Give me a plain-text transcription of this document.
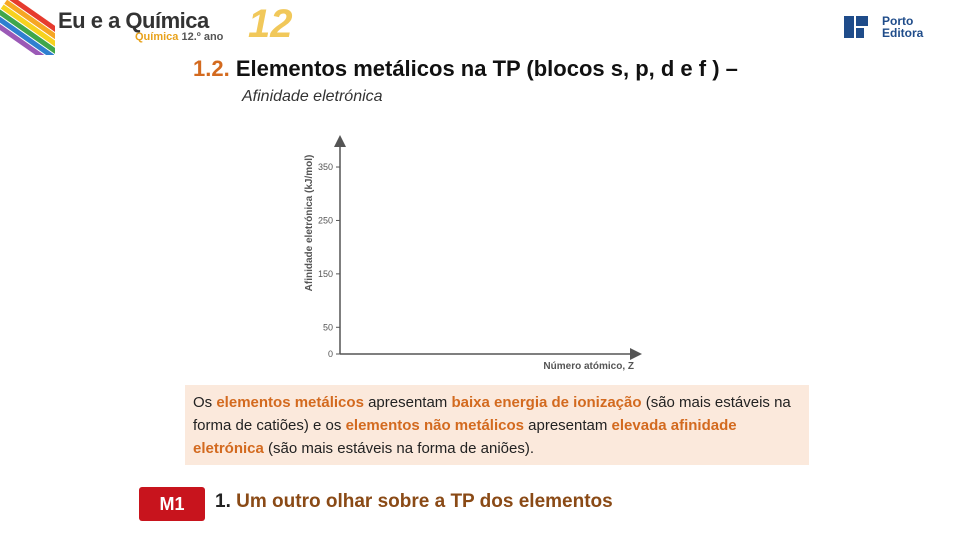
Eu e a Química
Química 12.º ano 12	Porto
Editora
1.2. Elementos metálicos na TP (blocos s, p, d e f ) –
Afinidade eletrónica
0
50
150
250
350
Afinidade eletrónica (kJ/mol)
Número atómico, Z
Os elementos metálicos apresentam baixa energia de ionização (são mais estáveis na forma de catiões) e os elementos não metálicos apresentam elevada afinidade eletrónica (são mais estáveis na forma de aniões).
M1	1. Um outro olhar sobre a TP dos elementos
